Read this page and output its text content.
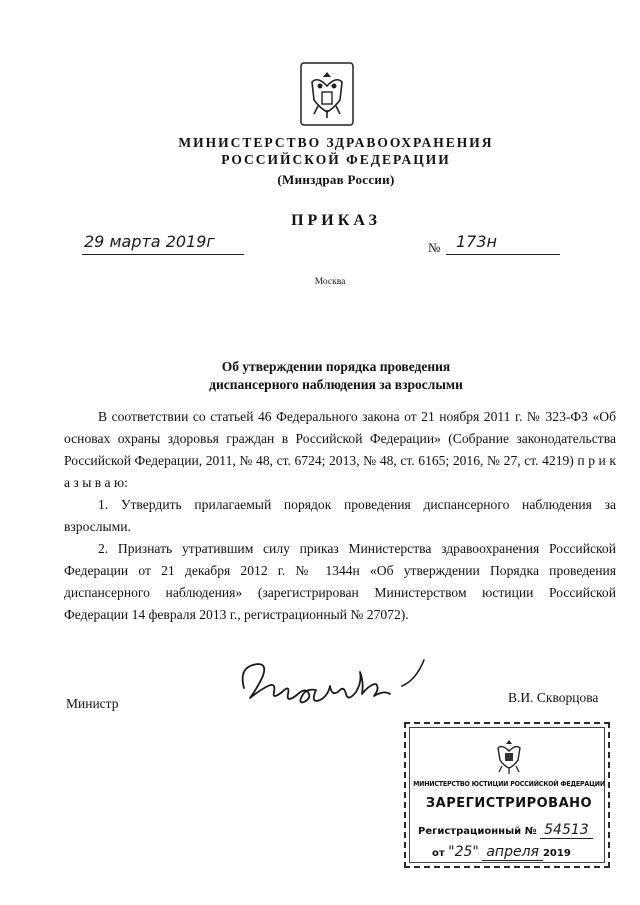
МИНИСТЕРСТВО ЗДРАВООХРАНЕНИЯ
РОССИЙСКОЙ ФЕДЕРАЦИИ
(Минздрав России)
ПРИКАЗ
29 марта 2019г	№ 173н
Москва
Об утверждении порядка проведения
диспансерного наблюдения за взрослыми

В соответствии со статьей 46 Федерального закона от 21 ноября 2011 г. № 323-ФЗ «Об основах охраны здоровья граждан в Российской Федерации» (Собрание законодательства Российской Федерации, 2011, № 48, ст. 6724; 2013, № 48, ст. 6165; 2016, № 27, ст. 4219) п р и к а з ы в а ю:

1. Утвердить прилагаемый порядок проведения диспансерного наблюдения за взрослыми.

2. Признать утратившим силу приказ Министерства здравоохранения Российской Федерации от 21 декабря 2012 г. № 1344н «Об утверждении Порядка проведения диспансерного наблюдения» (зарегистрирован Министерством юстиции Российской Федерации 14 февраля 2013 г., регистрационный № 27072).

Министр	В.И. Скворцова
МИНИСТЕРСТВО ЮСТИЦИИ РОССИЙСКОЙ ФЕДЕРАЦИИ
ЗАРЕГИСТРИРОВАНО
Регистрационный № 54513
от "25" апреля 2019
